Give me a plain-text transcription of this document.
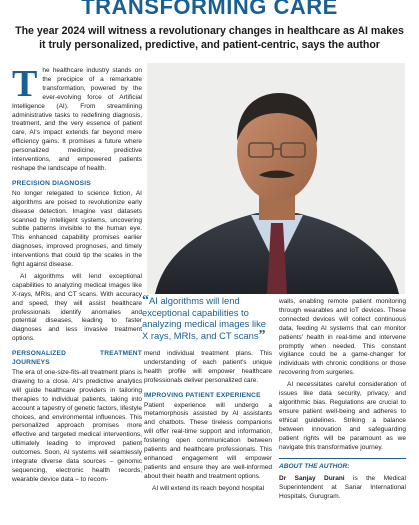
TRANSFORMING CARE
The year 2024 will witness a revolutionary changes in healthcare as AI makes it truly personalized, predictive, and patient-centric, says the author

The healthcare industry stands on the precipice of a remarkable transformation, powered by the ever-evolving force of Artificial Intelligence (AI). From streamlining administrative tasks to redefining diagnosis, treatment, and the very essence of patient care, AI's impact extends far beyond mere efficiency gains. It promises a future where personalized medicine, predictive interventions, and empowered patients reshape the landscape of health.

PRECISION DIAGNOSIS

No longer relegated to science fiction, AI algorithms are poised to revolutionize early disease detection. Imagine vast datasets scanned by intelligent systems, uncovering subtle patterns invisible to the human eye. This enhanced capability promises earlier diagnoses, improved prognoses, and timely interventions that could tip the scales in the fight against disease.

AI algorithms will lend exceptional capabilities to analyzing medical images like X-rays, MRIs, and CT scans. With accuracy and speed, they will assist healthcare professionals identify anomalies and potential diseases, leading to faster diagnoses and less invasive treatment options.

PERSONALIZED TREATMENT JOURNEYS

The era of one-size-fits-all treatment plans is drawing to a close. AI's predictive analytics will guide healthcare providers in tailoring therapies to individual patients, taking into account a tapestry of genetic factors, lifestyle choices, and environmental influences. This personalized approach promises more effective and targeted medical interventions, ultimately leading to improved patient outcomes. Soon, AI systems will seamlessly integrate diverse data sources – genomic sequencing, electronic health records, wearable device data – to recom-

“AI algorithms will lend exceptional capabilities to analyzing medical images like X rays, MRIs, and CT scans”

mend individual treatment plans. This understanding of each patient's unique health profile will empower healthcare professionals deliver personalized care.

IMPROVING PATIENT EXPERIENCE

Patient experience will undergo a metamorphosis assisted by AI assistants and chatbots. These tireless companions will offer real-time support and information, fostering open communication between patients and healthcare professionals. This enhanced engagement will empower patients and ensure they are well-informed about their health and treatment options.

AI will extend its reach beyond hospital

walls, enabling remote patient monitoring through wearables and IoT devices. These connected devices will collect continuous data, feeding AI systems that can monitor patients' health in real-time and intervene promptly when needed. This constant vigilance could be a game-changer for individuals with chronic conditions or those recovering from surgeries.

AI necessitates careful consideration of issues like data security, privacy, and algorithmic bias. Regulations are crucial to ensure patient well-being and adheres to ethical guidelines. Striking a balance between innovation and safeguarding patient rights will be paramount as we navigate this transformative journey.

ABOUT THE AUTHOR:

Dr Sanjay Durani is the Medical Superintendent at Sanar International Hospitals, Gurugram.
